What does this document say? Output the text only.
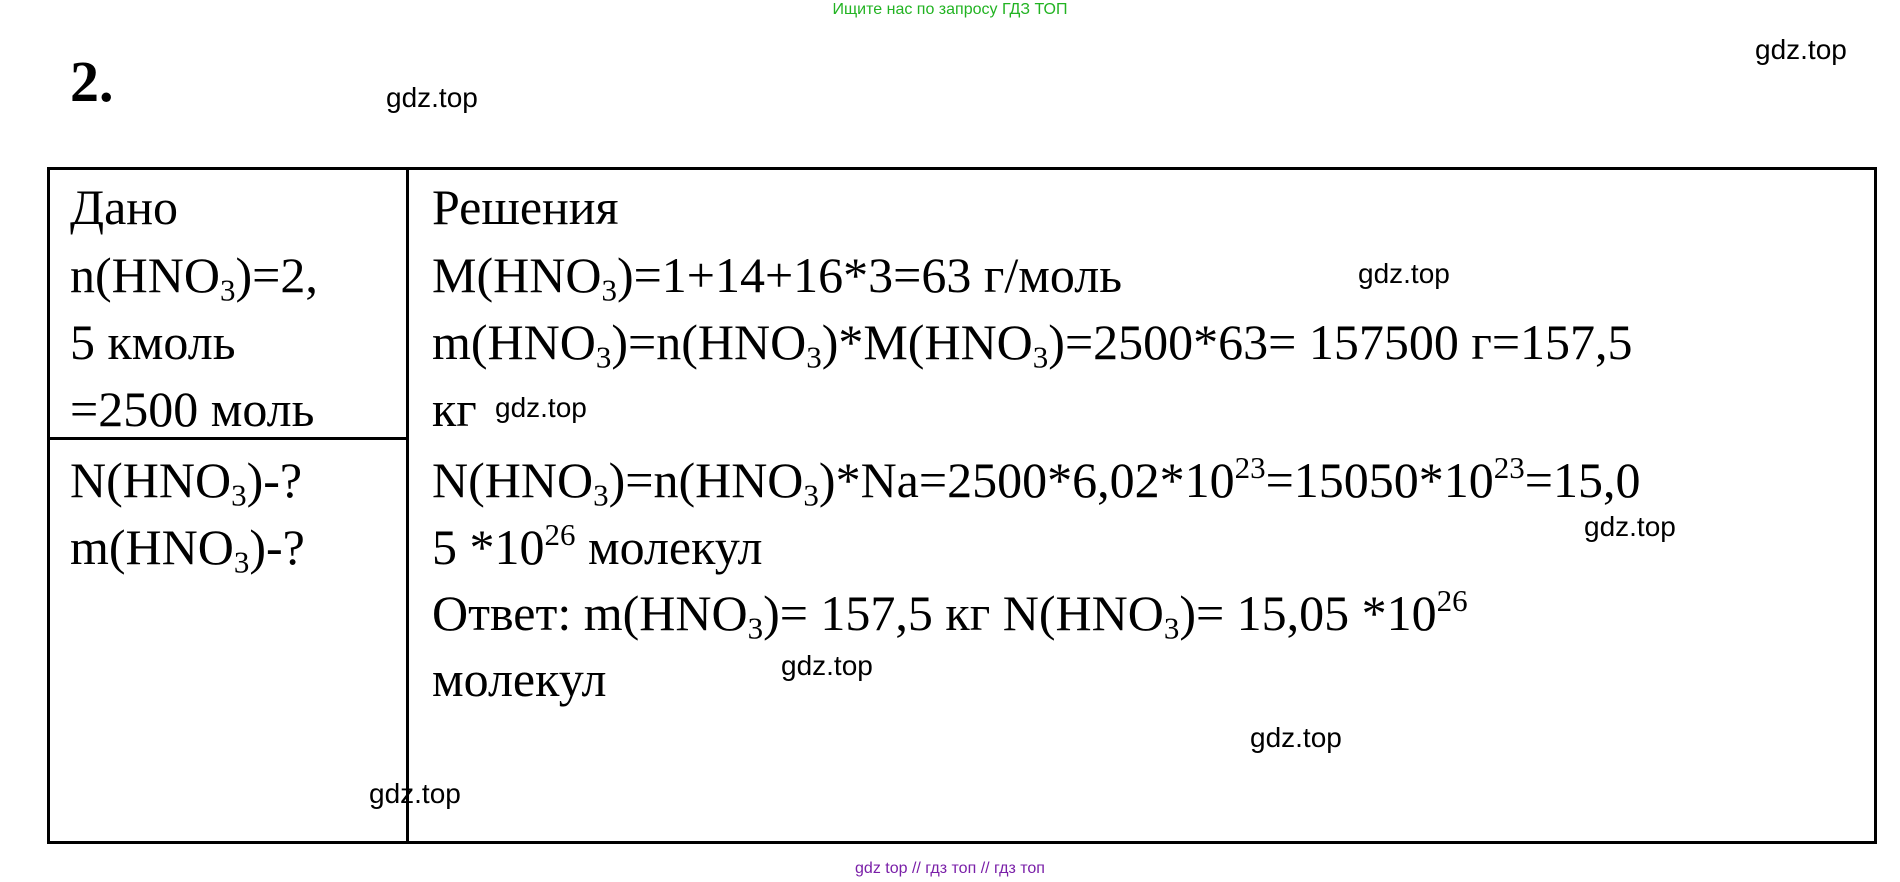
Ищите нас по запросу ГДЗ ТОП
2.	gdz.top
gdz.top
Дано
$n(HNO_3)=2$,
5 кмоль
=2500 моль
$N(HNO_3)-$?
$m(HNO_3)-$?
Решения
$M(HNO_3)=1+14+16*3=63$ г/моль
$m(HNO_3)=n(HNO_3)*M(HNO_3)=2500*63= 157500$ г=157,5
кг
$N(HNO_3)=n(HNO_3)*Na=2500*6,02*10^{23}=15050*10^{23}=15,0$
5 $*10^{26}$ молекул
Ответ: $m(HNO_3)= 157,5$ кг $N(HNO_3)= 15,05$ $*10^{26}$
молекул
gdz.top
gdz.top
gdz.top
gdz.top
gdz.top
gdz.top
gdz top // гдз топ // гдз топ
